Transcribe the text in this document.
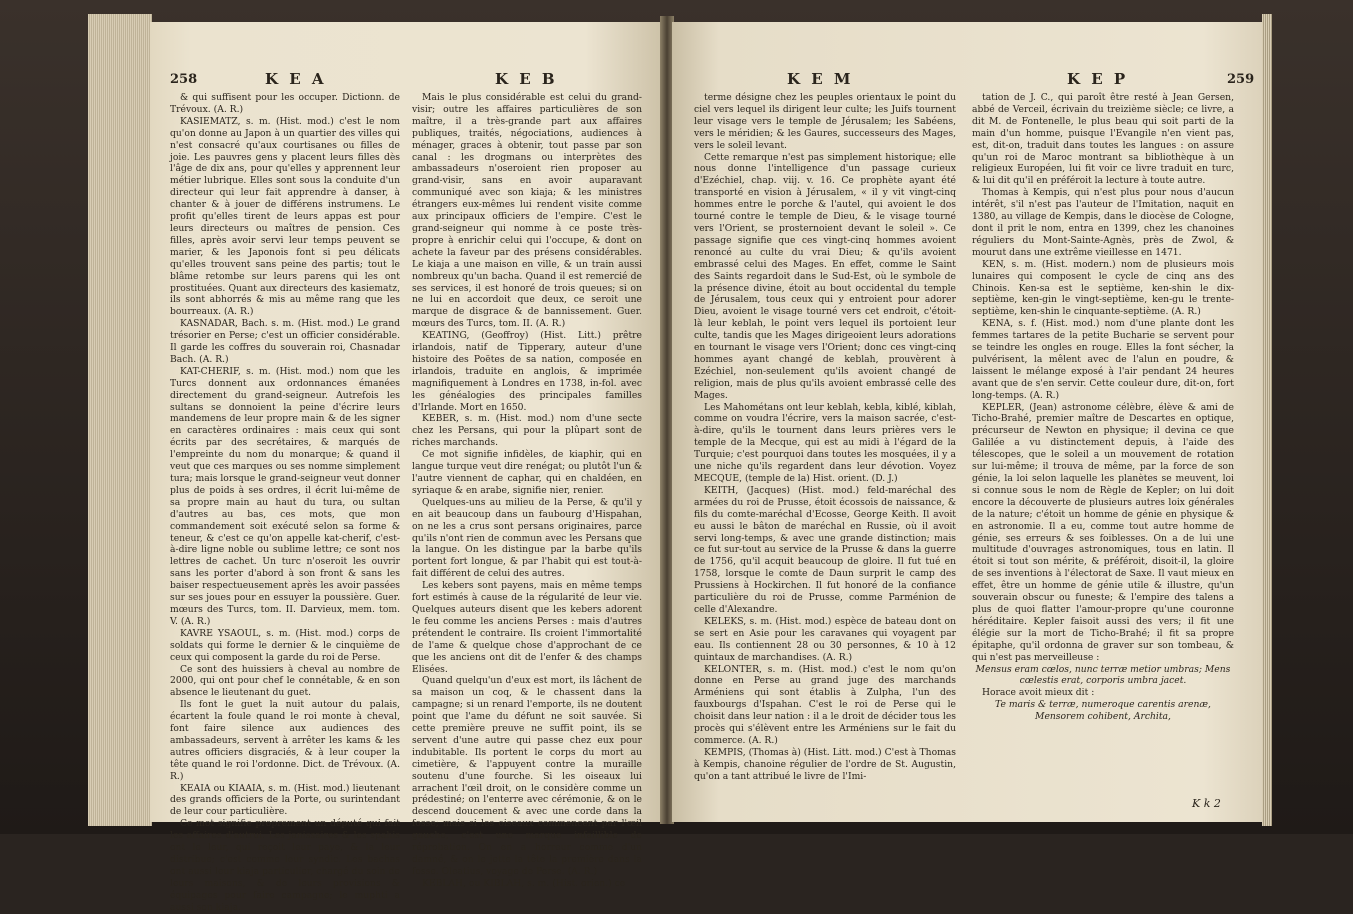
258	K E A	K E B

& qui suffisent pour les occuper. Dictionn. de Trévoux. (A. R.)

KASIEMATZ, s. m. (Hist. mod.) c'est le nom qu'on donne au Japon à un quartier des villes qui n'est consacré qu'aux courtisanes ou filles de joie. Les pauvres gens y placent leurs filles dès l'âge de dix ans, pour qu'elles y apprennent leur métier lubrique. Elles sont sous la conduite d'un directeur qui leur fait apprendre à danser, à chanter & à jouer de différens instrumens. Le profit qu'elles tirent de leurs appas est pour leurs directeurs ou maîtres de pension. Ces filles, après avoir servi leur temps peuvent se marier, & les Japonois font si peu délicats qu'elles trouvent sans peine des partis; tout le blâme retombe sur leurs parens qui les ont prostituées. Quant aux directeurs des kasiematz, ils sont abhorrés & mis au même rang que les bourreaux. (A. R.)

KASNADAR, Bach. s. m. (Hist. mod.) Le grand trésorier en Perse; c'est un officier considérable. Il garde les coffres du souverain roi, Chasnadar Bach. (A. R.)

KAT-CHERIF, s. m. (Hist. mod.) nom que les Turcs donnent aux ordonnances émanées directement du grand-seigneur. Autrefois les sultans se donnoient la peine d'écrire leurs mandemens de leur propre main & de les signer en caractères ordinaires : mais ceux qui sont écrits par des secrétaires, & marqués de l'empreinte du nom du monarque; & quand il veut que ces marques ou ses nomme simplement tura; mais lorsque le grand-seigneur veut donner plus de poids à ses ordres, il écrit lui-même de sa propre main au haut du tura, ou sultan d'autres au bas, ces mots, que mon commandement soit exécuté selon sa forme & teneur, & c'est ce qu'on appelle kat-cherif, c'est-à-dire ligne noble ou sublime lettre; ce sont nos lettres de cachet. Un turc n'oseroit les ouvrir sans les porter d'abord à son front & sans les baiser respectueusement après les avoir passées sur ses joues pour en essuyer la poussière. Guer. mœurs des Turcs, tom. II. Darvieux, mem. tom. V. (A. R.)

KAVRE YSAOUL, s. m. (Hist. mod.) corps de soldats qui forme le dernier & le cinquième de ceux qui composent la garde du roi de Perse.

Ce sont des huissiers à cheval au nombre de 2000, qui ont pour chef le connétable, & en son absence le lieutenant du guet.

Ils font le guet la nuit autour du palais, écartent la foule quand le roi monte à cheval, font faire silence aux audiences des ambassadeurs, servent à arrêter les kams & les autres officiers disgraciés, & à leur couper la tête quand le roi l'ordonne. Dict. de Trévoux. (A. R.)

KEAIA ou KIAAIA, s. m. (Hist. mod.) lieutenant des grands officiers de la Porte, ou surintendant de leur cour particulière.

Ce mot signifie proprement un député qui fait les affaires d'autrui. Les janissaires & les spahis ont le leur, qui reçoit leur paye, & la leur distribue; c'est comme leur syndic. Les bachas ont aussi leur kiaja particulier, chargé du soin de leurs maisons, & de leurs provisions & équipages pour faire campagne; le muphti a aussi son kiaja.

Mais le plus considérable est celui du grand-visir; outre les affaires particulières de son maître, il a très-grande part aux affaires publiques, traités, négociations, audiences à ménager, graces à obtenir, tout passe par son canal : les drogmans ou interprètes des ambassadeurs n'oseroient rien proposer au grand-visir, sans en avoir auparavant communiqué avec son kiaja; & les ministres étrangers eux-mêmes lui rendent visite comme aux principaux officiers de l'empire. C'est le grand-seigneur qui nomme à ce poste très-propre à enrichir celui qui l'occupe, & dont on achete la faveur par des présens considérables. Le kiaja a une maison en ville, & un train aussi nombreux qu'un bacha. Quand il est remercié de ses services, il est honoré de trois queues; si on ne lui en accordoit que deux, ce seroit une marque de disgrace & de bannissement. Guer. mœurs des Turcs, tom. II. (A. R.)

KEATING, (Geoffroy) (Hist. Litt.) prêtre irlandois, natif de Tipperary, auteur d'une histoire des Poëtes de sa nation, composée en irlandois, traduite en anglois, & imprimée magnifiquement à Londres en 1738, in-fol. avec les généalogies des principales familles d'Irlande. Mort en 1650.

KEBER, s. m. (Hist. mod.) nom d'une secte chez les Persans, qui pour la plûpart sont de riches marchands.

Ce mot signifie infidèles, de kiaphir, qui en langue turque veut dire renégat; ou plutôt l'un & l'autre viennent de caphar, qui en chaldéen, en syriaque & en arabe, signifie nier, renier.

Quelques-uns au milieu de la Perse, & qu'il y en ait beaucoup dans un faubourg d'Hispahan, on ne les a crus sont persans originaires, parce qu'ils n'ont rien de commun avec les Persans que la langue. On les distingue par la barbe qu'ils portent fort longue, & par l'habit qui est tout-à-fait différent de celui des autres.

Les kebers sont payens, mais en même temps fort estimés à cause de la régularité de leur vie. Quelques auteurs disent que les kebers adorent le feu comme les anciens Perses : mais d'autres prétendent le contraire. Ils croient l'immortalité de l'ame & quelque chose d'approchant de ce que les anciens ont dit de l'enfer & des champs Elisées.

Quand quelqu'un d'eux est mort, ils lâchent de sa maison un coq, & le chassent dans la campagne; si un renard l'emporte, ils ne doutent point que l'ame du défunt ne soit sauvée. Si cette première preuve ne suffit point, ils se servent d'une autre qui passe chez eux pour indubitable. Ils portent le corps du mort au cimetière, & l'appuyent contre la muraille soutenu d'une fourche. Si les oiseaux lui arrachent l'œil droit, on le considère comme un prédestiné; on l'enterre avec cérémonie, & on le descend doucement & avec une corde dans la fosse; mais si les oiseaux commencent par l'œil gauche, c'est une marque infaillible de réprobation. On en a horreur comme d'un damné, & on le jette la tête la première dans la fosse. Oleatius, voyage de Perse. (A. R.)

KEBLAH, ou KIBLAH, s. m. (Hist. orien.) ce

K E M	K E P	259

terme désigne chez les peuples orientaux le point du ciel vers lequel ils dirigent leur culte; les Juifs tournent leur visage vers le temple de Jérusalem; les Sabéens, vers le méridien; & les Gaures, successeurs des Mages, vers le soleil levant.

Cette remarque n'est pas simplement historique; elle nous donne l'intelligence d'un passage curieux d'Ezéchiel, chap. viij. v. 16. Ce prophète ayant été transporté en vision à Jérusalem, « il y vit vingt-cinq hommes entre le porche & l'autel, qui avoient le dos tourné contre le temple de Dieu, & le visage tourné vers l'Orient, se prosternoient devant le soleil ». Ce passage signifie que ces vingt-cinq hommes avoient renoncé au culte du vrai Dieu; & qu'ils avoient embrassé celui des Mages. En effet, comme le Saint des Saints regardoit dans le Sud-Est, où le symbole de la présence divine, étoit au bout occidental du temple de Jérusalem, tous ceux qui y entroient pour adorer Dieu, avoient le visage tourné vers cet endroit, c'étoit-là leur keblah, le point vers lequel ils portoient leur culte, tandis que les Mages dirigeoient leurs adorations en tournant le visage vers l'Orient; donc ces vingt-cinq hommes ayant changé de keblah, prouvèrent à Ezéchiel, non-seulement qu'ils avoient changé de religion, mais de plus qu'ils avoient embrassé celle des Mages.

Les Mahométans ont leur keblah, kebla, kiblé, kiblah, comme on voudra l'écrire, vers la maison sacrée, c'est-à-dire, qu'ils le tournent dans leurs prières vers le temple de la Mecque, qui est au midi à l'égard de la Turquie; c'est pourquoi dans toutes les mosquées, il y a une niche qu'ils regardent dans leur dévotion. Voyez MECQUE, (temple de la) Hist. orient. (D. J.)

KEITH, (Jacques) (Hist. mod.) feld-maréchal des armées du roi de Prusse, étoit écossois de naissance, & fils du comte-maréchal d'Ecosse, George Keith. Il avoit eu aussi le bâton de maréchal en Russie, où il avoit servi long-temps, & avec une grande distinction; mais ce fut sur-tout au service de la Prusse & dans la guerre de 1756, qu'il acquit beaucoup de gloire. Il fut tué en 1758, lorsque le comte de Daun surprit le camp des Prussiens à Hockirchen. Il fut honoré de la confiance particulière du roi de Prusse, comme Parménion de celle d'Alexandre.

KELEKS, s. m. (Hist. mod.) espèce de bateau dont on se sert en Asie pour les caravanes qui voyagent par eau. Ils contiennent 28 ou 30 personnes, & 10 à 12 quintaux de marchandises. (A. R.)

KELONTER, s. m. (Hist. mod.) c'est le nom qu'on donne en Perse au grand juge des marchands Arméniens qui sont établis à Zulpha, l'un des fauxbourgs d'Ispahan. C'est le roi de Perse qui le choisit dans leur nation : il a le droit de décider tous les procès qui s'élèvent entre les Arméniens sur le fait du commerce. (A. R.)

KEMPIS, (Thomas à) (Hist. Litt. mod.) C'est à Thomas à Kempis, chanoine régulier de l'ordre de St. Augustin, qu'on a tant attribué le livre de l'Imi-

tation de J. C., qui paroît être resté à Jean Gersen, abbé de Verceil, écrivain du treizième siècle; ce livre, a dit M. de Fontenelle, le plus beau qui soit parti de la main d'un homme, puisque l'Evangile n'en vient pas, est, dit-on, traduit dans toutes les langues : on assure qu'un roi de Maroc montrant sa bibliothèque à un religieux Européen, lui fit voir ce livre traduit en turc, & lui dit qu'il en préféroit la lecture à toute autre.

Thomas à Kempis, qui n'est plus pour nous d'aucun intérêt, s'il n'est pas l'auteur de l'Imitation, naquit en 1380, au village de Kempis, dans le diocèse de Cologne, dont il prit le nom, entra en 1399, chez les chanoines réguliers du Mont-Sainte-Agnès, près de Zwol, & mourut dans une extrême vieillesse en 1471.

KEN, s. m. (Hist. modern.) nom de plusieurs mois lunaires qui composent le cycle de cinq ans des Chinois. Ken-sa est le septième, ken-shin le dix-septième, ken-gin le vingt-septième, ken-gu le trente-septième, ken-shin le cinquante-septième. (A. R.)

KENA, s. f. (Hist. mod.) nom d'une plante dont les femmes tartares de la petite Bucharie se servent pour se teindre les ongles en rouge. Elles la font sécher, la pulvérisent, la mêlent avec de l'alun en poudre, & laissent le mélange exposé à l'air pendant 24 heures avant que de s'en servir. Cette couleur dure, dit-on, fort long-temps. (A. R.)

KEPLER, (Jean) astronome célèbre, élève & ami de Ticho-Brahé, premier maître de Descartes en optique, précurseur de Newton en physique; il devina ce que Galilée a vu distinctement depuis, à l'aide des télescopes, que le soleil a un mouvement de rotation sur lui-même; il trouva de même, par la force de son génie, la loi selon laquelle les planètes se meuvent, loi si connue sous le nom de Règle de Kepler; on lui doit encore la découverte de plusieurs autres loix générales de la nature; c'étoit un homme de génie en physique & en astronomie. Il a eu, comme tout autre homme de génie, ses erreurs & ses foiblesses. On a de lui une multitude d'ouvrages astronomiques, tous en latin. Il étoit si tout son mérite, & préféroit, disoit-il, la gloire de ses inventions à l'électorat de Saxe. Il vaut mieux en effet, être un homme de génie utile & illustre, qu'un souverain obscur ou funeste; & l'empire des talens a plus de quoi flatter l'amour-propre qu'une couronne héréditaire. Kepler faisoit aussi des vers; il fit une élégie sur la mort de Ticho-Brahé; il fit sa propre épitaphe, qu'il ordonna de graver sur son tombeau, & qui n'est pas merveilleuse :

Mensus eram cœlos, nunc terræ metior umbras; Mens cœlestis erat, corporis umbra jacet.

Horace avoit mieux dit :

Te maris & terræ, numeroque carentis arenæ, Mensorem cohibent, Archita,

K k 2
